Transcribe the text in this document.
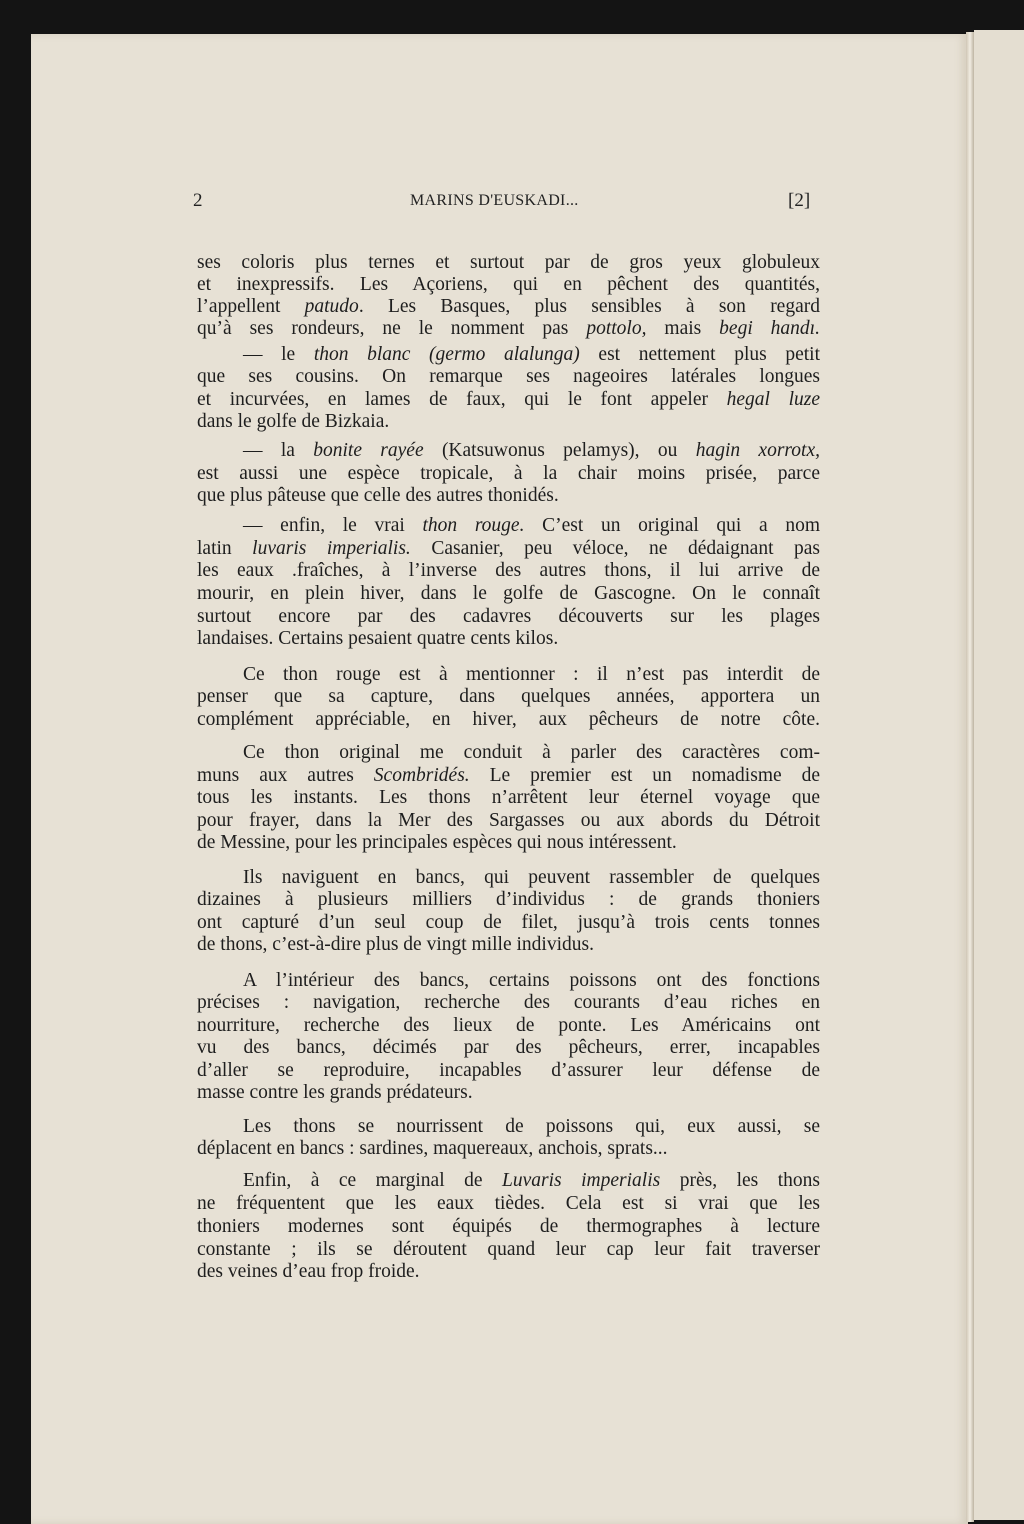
2	MARINS D'EUSKADI...	[2]
ses coloris plus ternes et surtout par de gros yeux globuleux
et inexpressifs. Les Açoriens, qui en pêchent des quantités,
l’appellent patudo. Les Basques, plus sensibles à son regard
qu’à ses rondeurs, ne le nomment pas pottolo, mais begi handı.
— le thon blanc (germo alalunga) est nettement plus petit
que ses cousins. On remarque ses nageoires latérales longues
et incurvées, en lames de faux, qui le font appeler hegal luze
dans le golfe de Bizkaia.
— la bonite rayée (Katsuwonus pelamys), ou hagin xorrotx,
est aussi une espèce tropicale, à la chair moins prisée, parce
que plus pâteuse que celle des autres thonidés.
— enfin, le vrai thon rouge. C’est un original qui a nom
latin luvaris imperialis. Casanier, peu véloce, ne dédaignant pas
les eaux .fraîches, à l’inverse des autres thons, il lui arrive de
mourir, en plein hiver, dans le golfe de Gascogne. On le connaît
surtout encore par des cadavres découverts sur les plages
landaises. Certains pesaient quatre cents kilos.
Ce thon rouge est à mentionner : il n’est pas interdit de
penser que sa capture, dans quelques années, apportera un
complément appréciable, en hiver, aux pêcheurs de notre côte.
Ce thon original me conduit à parler des caractères com-
muns aux autres Scombridés. Le premier est un nomadisme de
tous les instants. Les thons n’arrêtent leur éternel voyage que
pour frayer, dans la Mer des Sargasses ou aux abords du Détroit
de Messine, pour les principales espèces qui nous intéressent.
Ils naviguent en bancs, qui peuvent rassembler de quelques
dizaines à plusieurs milliers d’individus : de grands thoniers
ont capturé d’un seul coup de filet, jusqu’à trois cents tonnes
de thons, c’est-à-dire plus de vingt mille individus.
A l’intérieur des bancs, certains poissons ont des fonctions
précises : navigation, recherche des courants d’eau riches en
nourriture, recherche des lieux de ponte. Les Américains ont
vu des bancs, décimés par des pêcheurs, errer, incapables
d’aller se reproduire, incapables d’assurer leur défense de
masse contre les grands prédateurs.
Les thons se nourrissent de poissons qui, eux aussi, se
déplacent en bancs : sardines, maquereaux, anchois, sprats...
Enfin, à ce marginal de Luvaris imperialis près, les thons
ne fréquentent que les eaux tièdes. Cela est si vrai que les
thoniers modernes sont équipés de thermographes à lecture
constante ; ils se déroutent quand leur cap leur fait traverser
des veines d’eau frop froide.
